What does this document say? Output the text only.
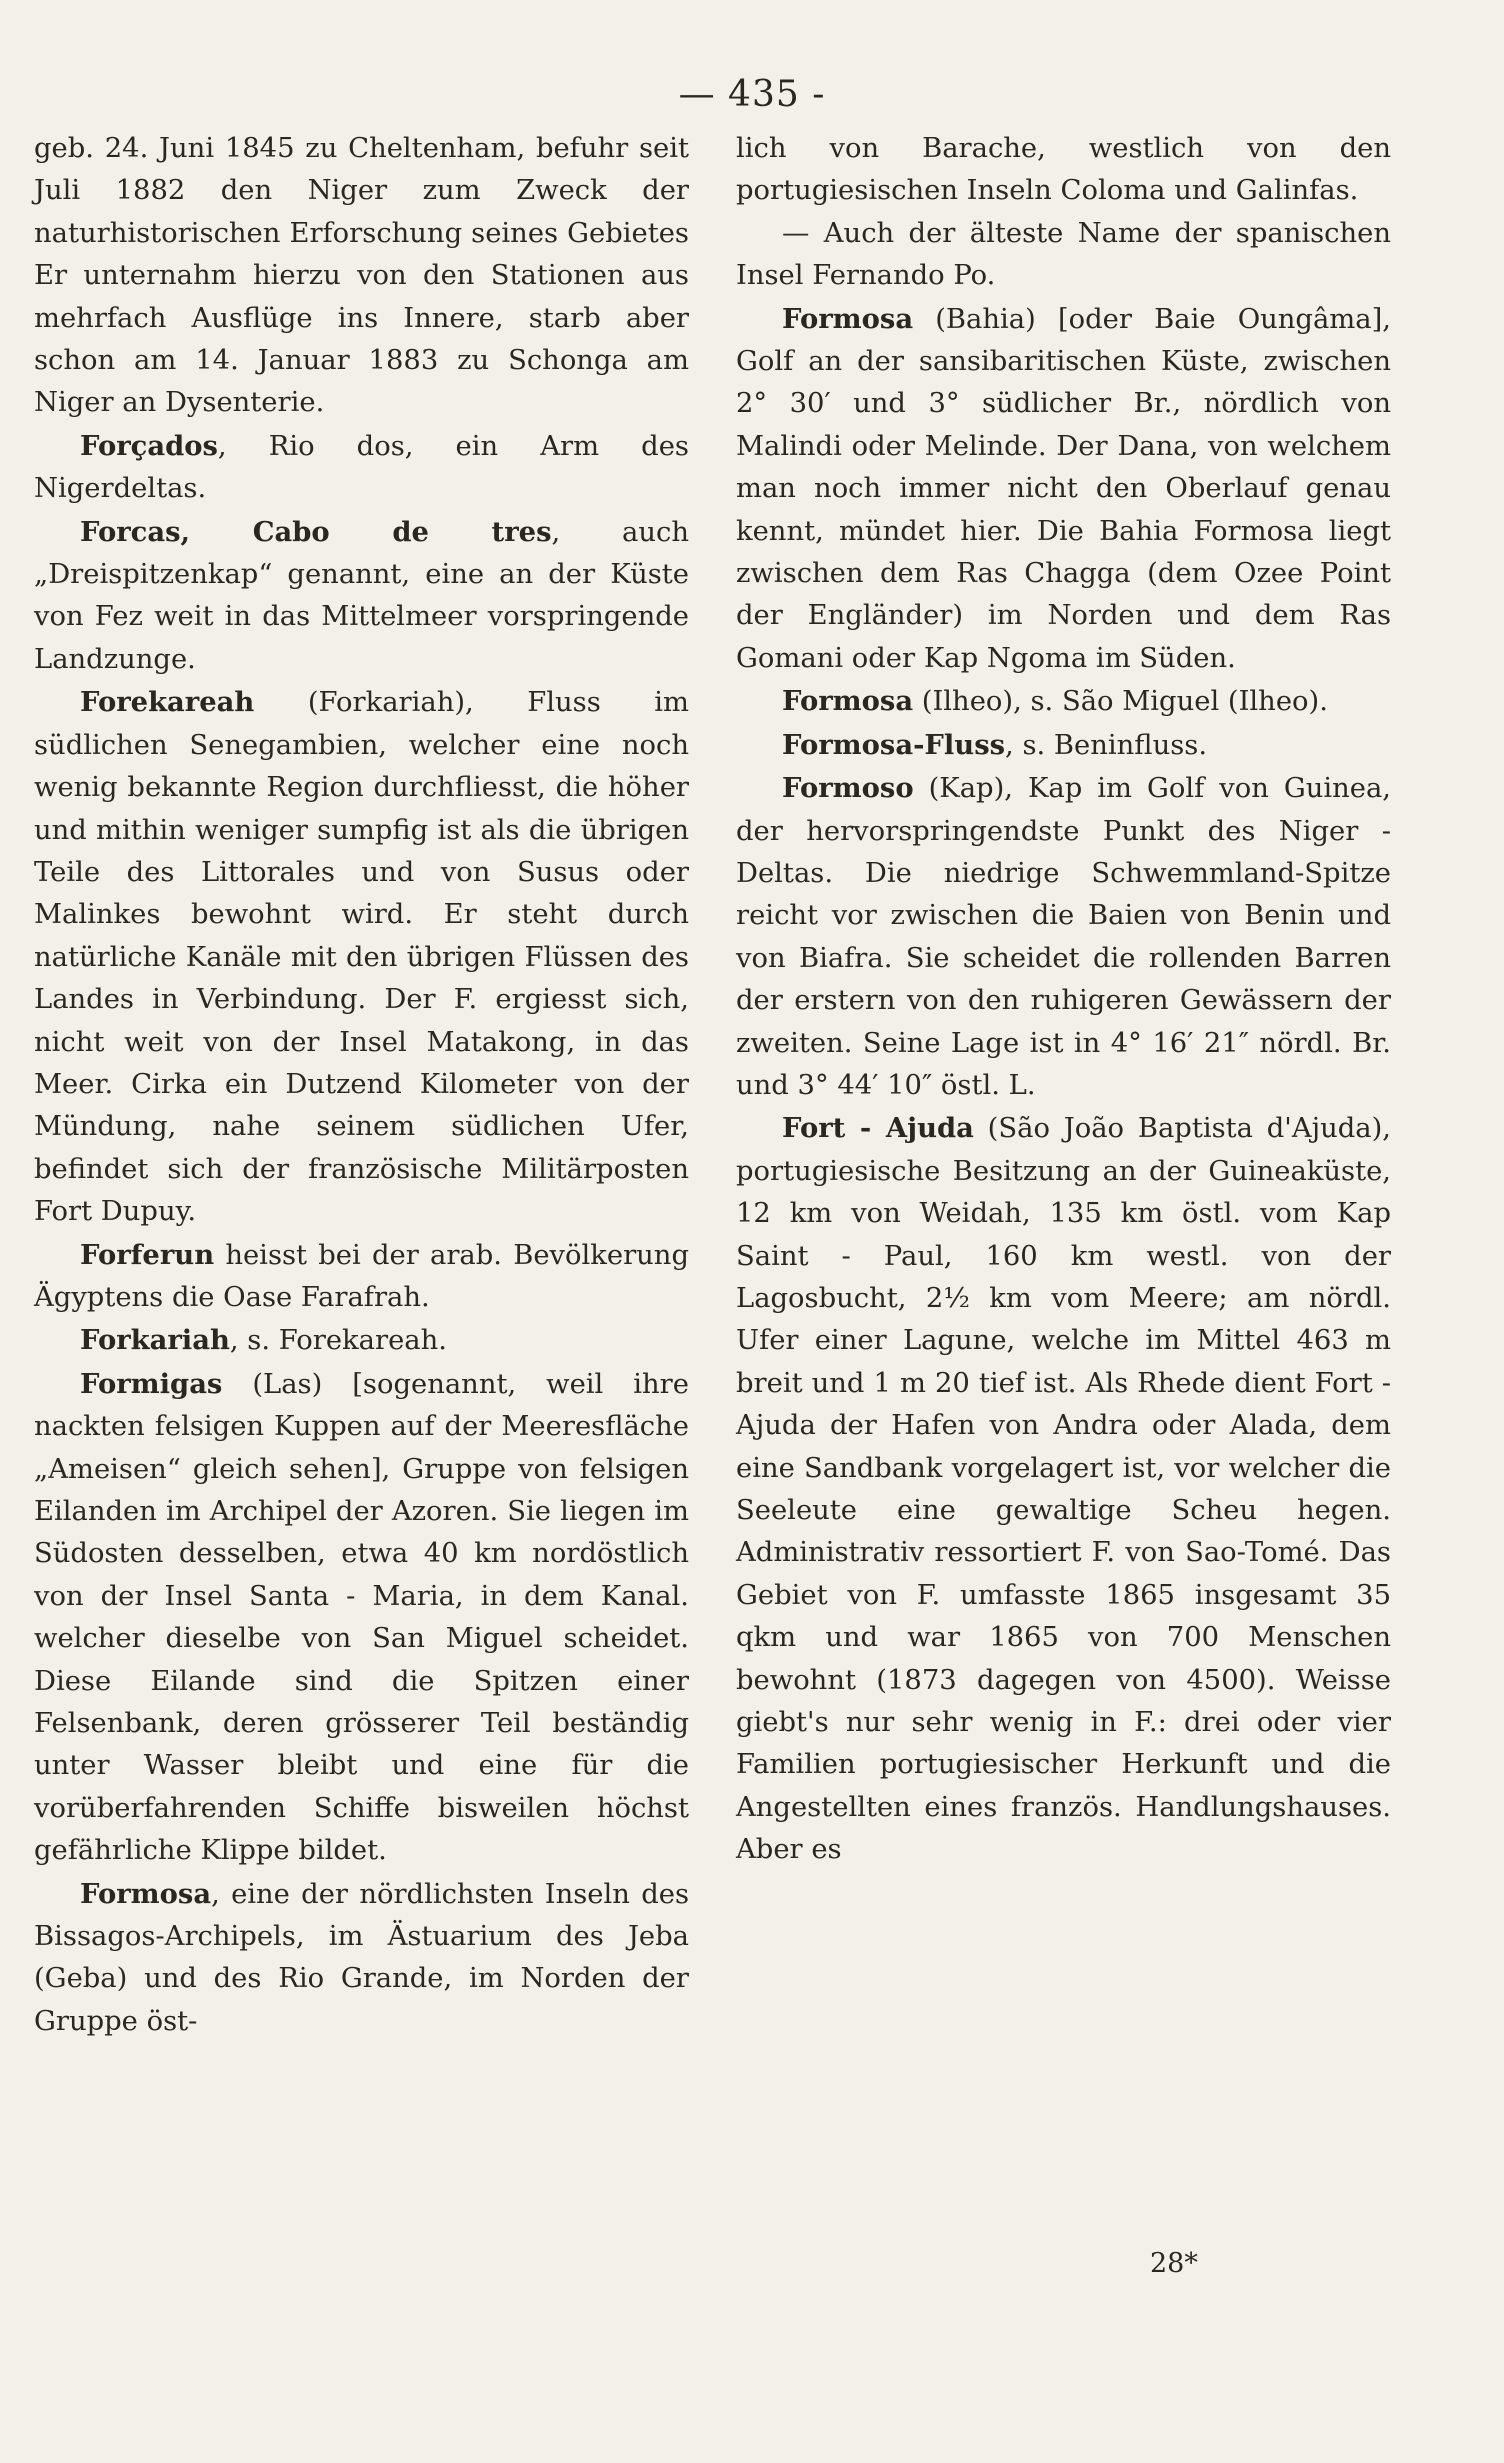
— 435 -

geb. 24. Juni 1845 zu Cheltenham, befuhr seit Juli 1882 den Niger zum Zweck der naturhistorischen Erforschung seines Gebietes Er unternahm hierzu von den Stationen aus mehrfach Ausflüge ins Innere, starb aber schon am 14. Januar 1883 zu Schonga am Niger an Dysenterie.

Forçados, Rio dos, ein Arm des Nigerdeltas.

Forcas, Cabo de tres, auch „Dreispitzenkap“ genannt, eine an der Küste von Fez weit in das Mittelmeer vorspringende Landzunge.

Forekareah (Forkariah), Fluss im südlichen Senegambien, welcher eine noch wenig bekannte Region durchfliesst, die höher und mithin weniger sumpfig ist als die übrigen Teile des Littorales und von Susus oder Malinkes bewohnt wird. Er steht durch natürliche Kanäle mit den übrigen Flüssen des Landes in Verbindung. Der F. ergiesst sich, nicht weit von der Insel Matakong, in das Meer. Cirka ein Dutzend Kilometer von der Mündung, nahe seinem südlichen Ufer, befindet sich der französische Militärposten Fort Dupuy.

Forferun heisst bei der arab. Bevölkerung Ägyptens die Oase Farafrah.

Forkariah, s. Forekareah.

Formigas (Las) [sogenannt, weil ihre nackten felsigen Kuppen auf der Meeresfläche „Ameisen“ gleich sehen], Gruppe von felsigen Eilanden im Archipel der Azoren. Sie liegen im Südosten desselben, etwa 40 km nordöstlich von der Insel Santa - Maria, in dem Kanal. welcher dieselbe von San Miguel scheidet. Diese Eilande sind die Spitzen einer Felsenbank, deren grösserer Teil beständig unter Wasser bleibt und eine für die vorüberfahrenden Schiffe bisweilen höchst gefährliche Klippe bildet.

Formosa, eine der nördlichsten Inseln des Bissagos-Archipels, im Ästuarium des Jeba (Geba) und des Rio Grande, im Norden der Gruppe öst-

lich von Barache, westlich von den portugiesischen Inseln Coloma und Galinfas.

— Auch der älteste Name der spanischen Insel Fernando Po.

Formosa (Bahia) [oder Baie Oungâma], Golf an der sansibaritischen Küste, zwischen 2° 30′ und 3° südlicher Br., nördlich von Malindi oder Melinde. Der Dana, von welchem man noch immer nicht den Oberlauf genau kennt, mündet hier. Die Bahia Formosa liegt zwischen dem Ras Chagga (dem Ozee Point der Engländer) im Norden und dem Ras Gomani oder Kap Ngoma im Süden.

Formosa (Ilheo), s. São Miguel (Ilheo).

Formosa-Fluss, s. Beninfluss.

Formoso (Kap), Kap im Golf von Guinea, der hervorspringendste Punkt des Niger - Deltas. Die niedrige Schwemmland-Spitze reicht vor zwischen die Baien von Benin und von Biafra. Sie scheidet die rollenden Barren der erstern von den ruhigeren Gewässern der zweiten. Seine Lage ist in 4° 16′ 21″ nördl. Br. und 3° 44′ 10″ östl. L.

Fort - Ajuda (São João Baptista d'Ajuda), portugiesische Besitzung an der Guineaküste, 12 km von Weidah, 135 km östl. vom Kap Saint - Paul, 160 km westl. von der Lagosbucht, 2½ km vom Meere; am nördl. Ufer einer Lagune, welche im Mittel 463 m breit und 1 m 20 tief ist. Als Rhede dient Fort - Ajuda der Hafen von Andra oder Alada, dem eine Sandbank vorgelagert ist, vor welcher die Seeleute eine gewaltige Scheu hegen. Administrativ ressortiert F. von Sao-Tomé. Das Gebiet von F. umfasste 1865 insgesamt 35 qkm und war 1865 von 700 Menschen bewohnt (1873 dagegen von 4500). Weisse giebt's nur sehr wenig in F.: drei oder vier Familien portugiesischer Herkunft und die Angestellten eines französ. Handlungshauses. Aber es

28*
